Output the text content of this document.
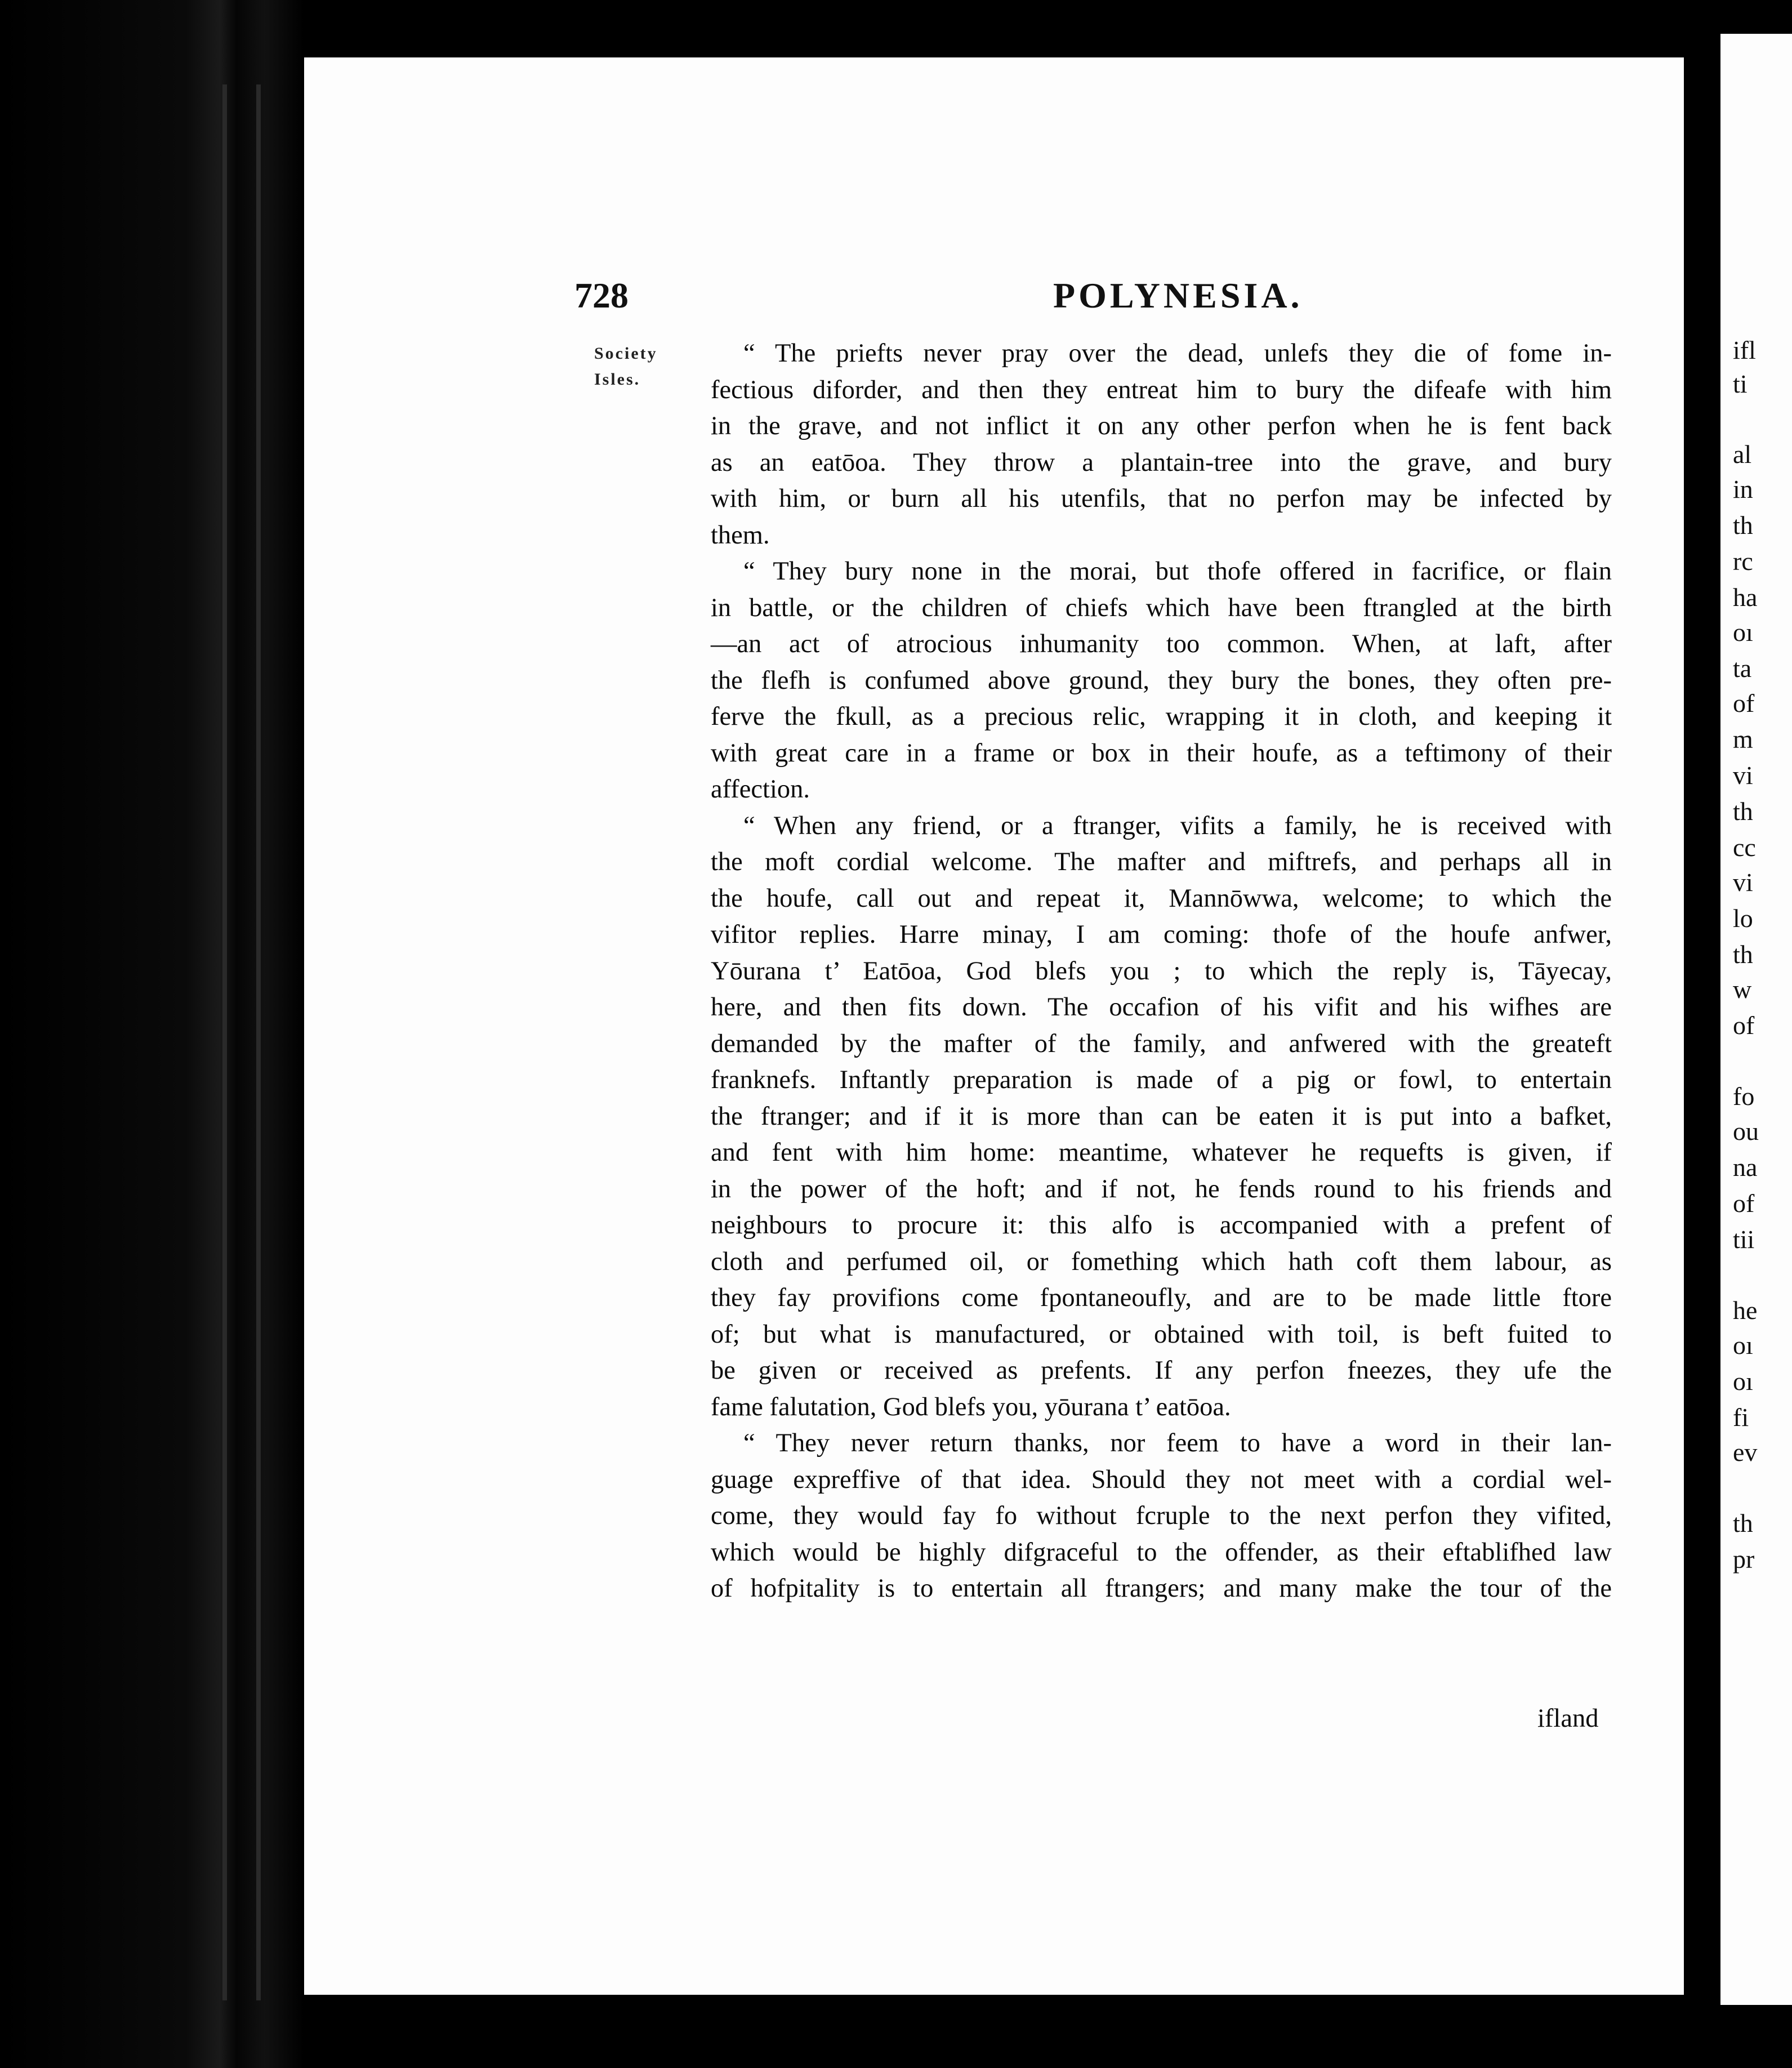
ifl
ti
al
in
th
rc
ha
oı
ta
of
m
vi
th
cc
vi
lo
th
w
of
fo
ou
na
of
tii
he
oı
oı
fi
ev
th
pr
728	POLYNESIA.
Society
Isles.

“ The priefts never pray over the dead, unlefs they die of fome in-
fectious diforder, and then they entreat him to bury the difeafe with him
in the grave, and not inflict it on any other perfon when he is fent back
as an eatōoa. They throw a plantain-tree into the grave, and bury
with him, or burn all his utenfils, that no perfon may be infected by
them.

“ They bury none in the morai, but thofe offered in facrifice, or flain
in battle, or the children of chiefs which have been ftrangled at the birth
—an act of atrocious inhumanity too common. When, at laft, after
the flefh is confumed above ground, they bury the bones, they often pre-
ferve the fkull, as a precious relic, wrapping it in cloth, and keeping it
with great care in a frame or box in their houfe, as a teftimony of their
affection.

“ When any friend, or a ftranger, vifits a family, he is received with
the moft cordial welcome. The mafter and miftrefs, and perhaps all in
the houfe, call out and repeat it, Mannōwwa, welcome; to which the
vifitor replies. Harre minay, I am coming: thofe of the houfe anfwer,
Yōurana t’ Eatōoa, God blefs you ; to which the reply is, Tāyecay,
here, and then fits down. The occafion of his vifit and his wifhes are
demanded by the mafter of the family, and anfwered with the greateft
franknefs. Inftantly preparation is made of a pig or fowl, to entertain
the ftranger; and if it is more than can be eaten it is put into a bafket,
and fent with him home: meantime, whatever he requefts is given, if
in the power of the hoft; and if not, he fends round to his friends and
neighbours to procure it: this alfo is accompanied with a prefent of
cloth and perfumed oil, or fomething which hath coft them labour, as
they fay provifions come fpontaneoufly, and are to be made little ftore
of; but what is manufactured, or obtained with toil, is beft fuited to
be given or received as prefents. If any perfon fneezes, they ufe the
fame falutation, God blefs you, yōurana t’ eatōoa.

“ They never return thanks, nor feem to have a word in their lan-
guage expreffive of that idea. Should they not meet with a cordial wel-
come, they would fay fo without fcruple to the next perfon they vifited,
which would be highly difgraceful to the offender, as their eftablifhed law
of hofpitality is to entertain all ftrangers; and many make the tour of the

ifland
